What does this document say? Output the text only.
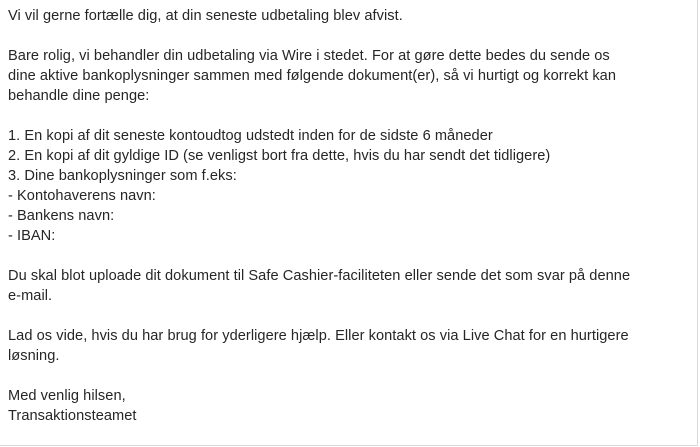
Vi vil gerne fortælle dig, at din seneste udbetaling blev afvist.
Bare rolig, vi behandler din udbetaling via Wire i stedet. For at gøre dette bedes du sende os
dine aktive bankoplysninger sammen med følgende dokument(er), så vi hurtigt og korrekt kan
behandle dine penge:
1. En kopi af dit seneste kontoudtog udstedt inden for de sidste 6 måneder
2. En kopi af dit gyldige ID (se venligst bort fra dette, hvis du har sendt det tidligere)
3. Dine bankoplysninger som f.eks:
- Kontohaverens navn:
- Bankens navn:
- IBAN:
Du skal blot uploade dit dokument til Safe Cashier-faciliteten eller sende det som svar på denne
e-mail.
Lad os vide, hvis du har brug for yderligere hjælp. Eller kontakt os via Live Chat for en hurtigere
løsning.
Med venlig hilsen,
Transaktionsteamet
